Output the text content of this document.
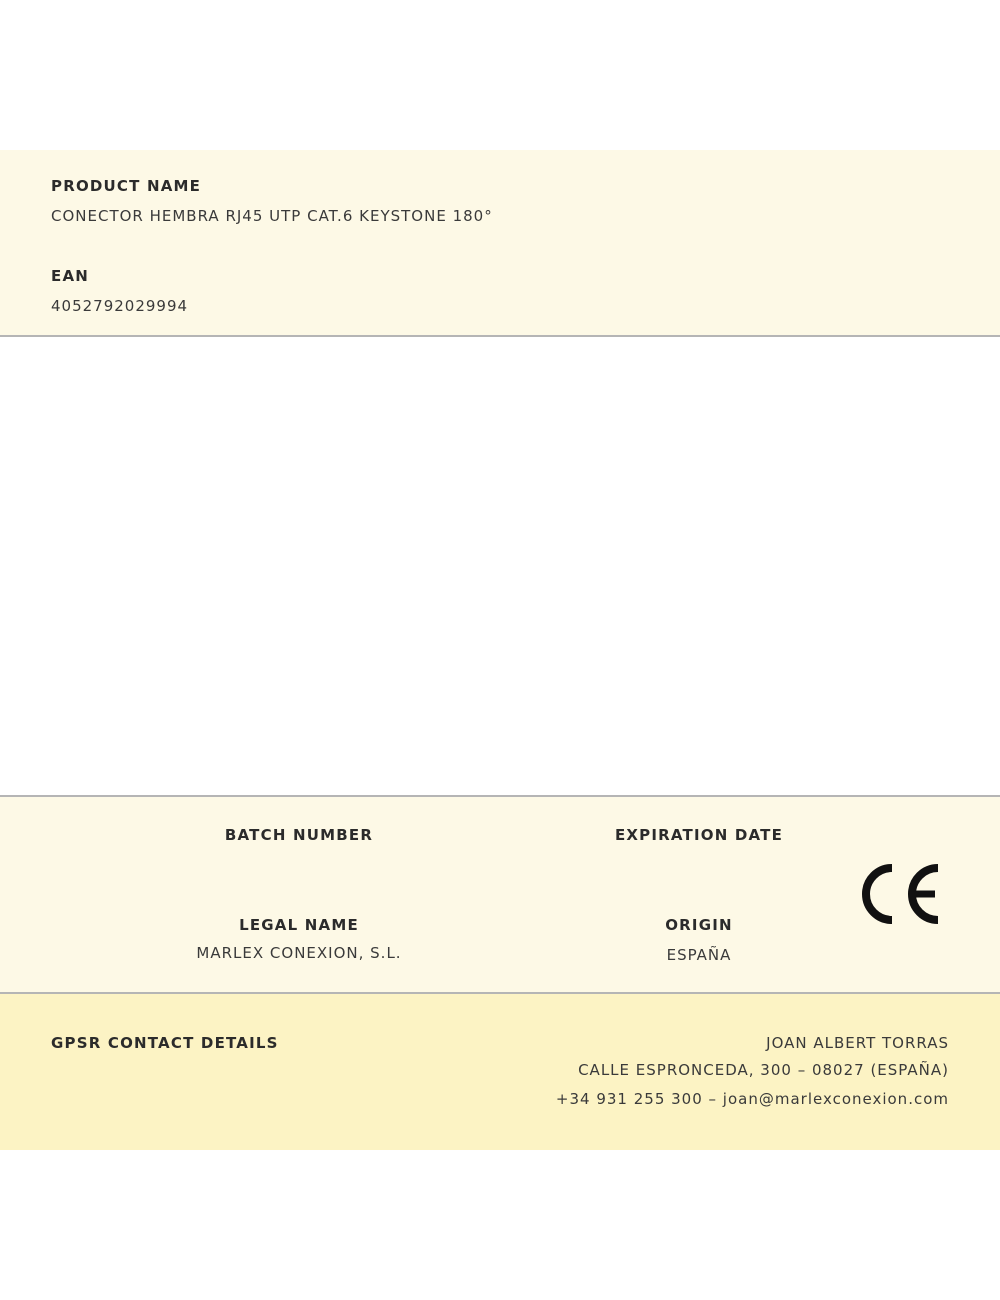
PRODUCT NAME

CONECTOR HEMBRA RJ45 UTP CAT.6 KEYSTONE 180°

EAN

4052792029994

BATCH NUMBER	EXPIRATION DATE

LEGAL NAME

MARLEX CONEXION, S.L.

ORIGIN

ESPAÑA

GPSR CONTACT DETAILS	JOAN ALBERT TORRAS

CALLE ESPRONCEDA, 300 – 08027 (ESPAÑA)

+34 931 255 300 – joan@marlexconexion.com
